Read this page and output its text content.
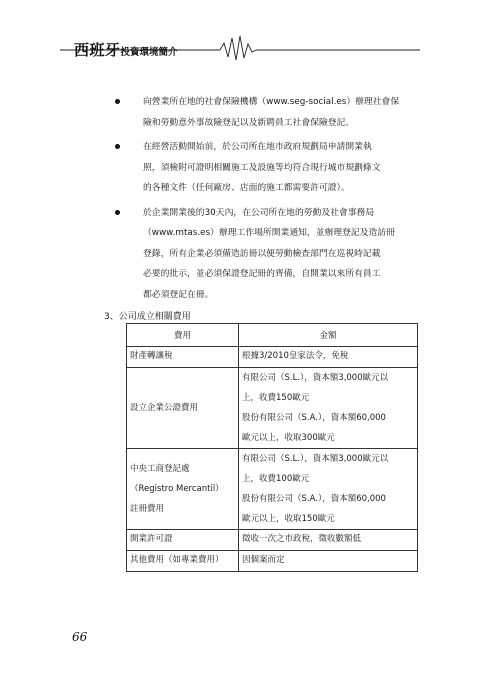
西班牙投資環境簡介
向營業所在地的社會保險機構（www.seg-social.es）辦理社會保
險和勞動意外事故險登記以及新聘員工社會保險登記。
在經營活動開始前，於公司所在地市政府規劃局申請開業執
照，須檢附可證明相關施工及設施等均符合現行城市規劃條文
的各種文件（任何廠房、店面的施工都需要許可證）。
於企業開業後的30天內，在公司所在地的勞動及社會事務局
（www.mtas.es）辦理工作場所開業通知，並辦理登記及造訪冊
登錄，所有企業必須備造訪冊以便勞動檢查部門在巡視時記載
必要的批示，並必須保證登記冊的齊備，自開業以來所有員工
都必須登記在冊。
3、公司成立相關費用
費用	金額
財產轉讓稅	根據3/2010皇家法令，免稅

設立企業公證費用	有限公司（S.L.），資本額3,000歐元以
上，收費150歐元
股份有限公司（S.A.），資本額60,000
歐元以上，收取300歐元

中央工商登記處
（Registro Mercantil）
註冊費用	有限公司（S.L.），資本額3,000歐元以
上，收費100歐元
股份有限公司（S.A.），資本額60,000
歐元以上，收取150歐元

開業許可證	徵收一次之市政稅，徵收數額低
其他費用（如專業費用）	因個案而定
66
